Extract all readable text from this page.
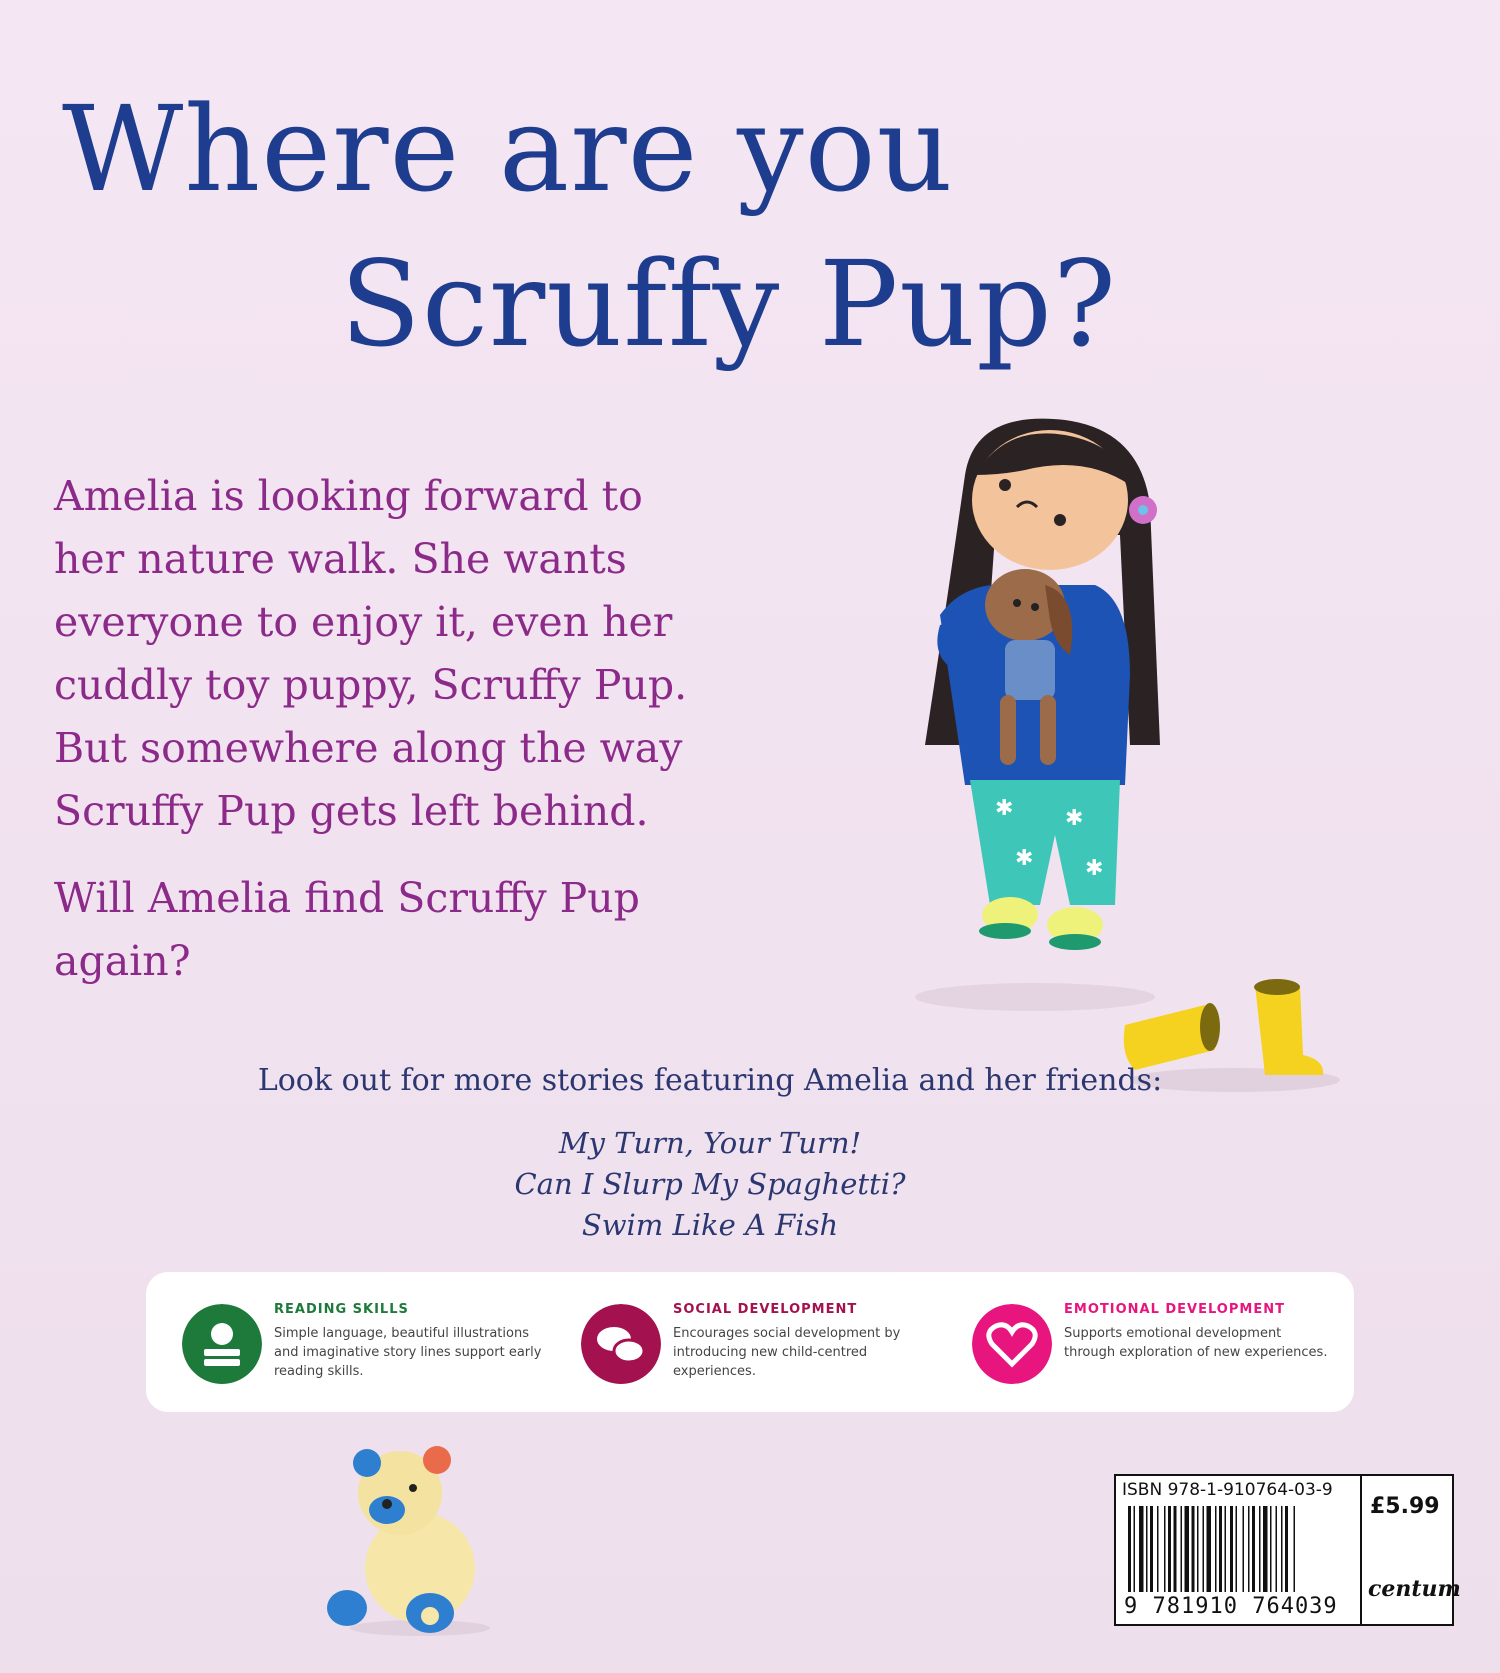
Where are you
Scruffy Pup?

Amelia is looking forward to her nature walk. She wants everyone to enjoy it, even her cuddly toy puppy, Scruffy Pup. But somewhere along the way Scruffy Pup gets left behind.

Will Amelia find Scruffy Pup again?

✱ ✱
✱ ✱
Look out for more stories featuring Amelia and her friends:
My Turn, Your Turn!
Can I Slurp My Spaghetti?
Swim Like A Fish
READING SKILLS
Simple language, beautiful illustrations and imaginative story lines support early reading skills.
SOCIAL DEVELOPMENT
Encourages social development by introducing new child-centred experiences.
EMOTIONAL DEVELOPMENT
Supports emotional development through exploration of new experiences.
ISBN 978-1-910764-03-9
£5.99
centum
9 781910 764039
